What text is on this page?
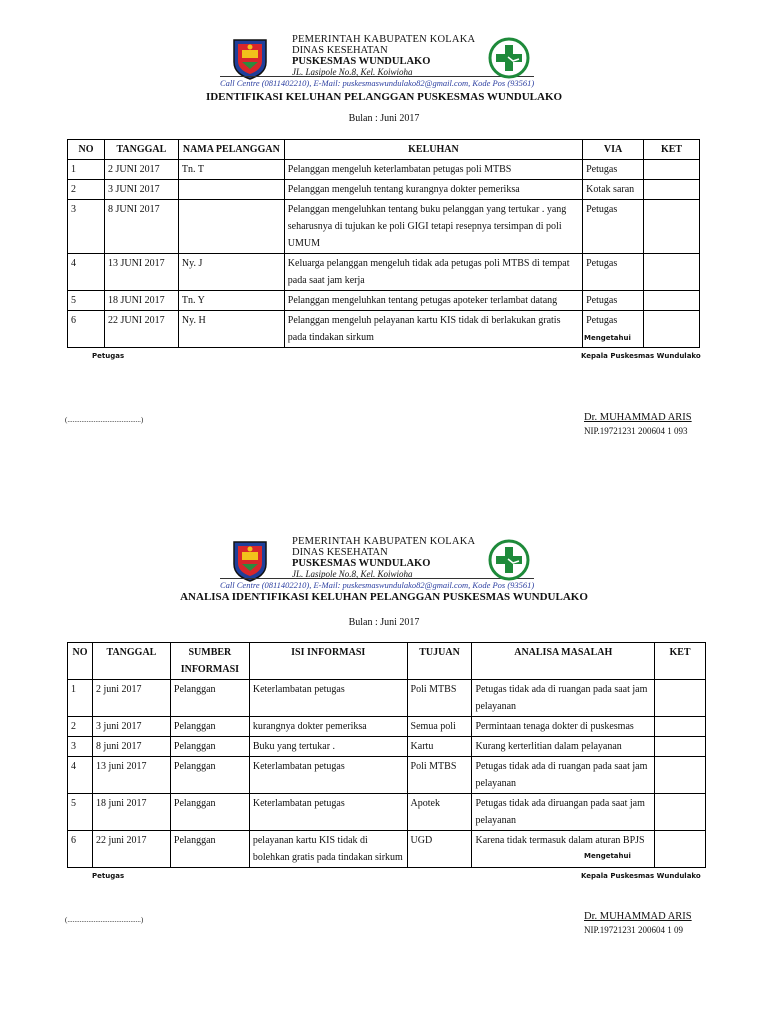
PEMERINTAH KABUPATEN KOLAKA
DINAS KESEHATAN
PUSKESMAS WUNDULAKO
JL. Lasipole No.8, Kel. Koiwioha
Call Centre (0811402210), E-Mail: puskesmaswundulako82@gmail.com, Kode Pos (93561)
IDENTIFIKASI KELUHAN PELANGGAN PUSKESMAS WUNDULAKO
Bulan : Juni 2017
NO	TANGGAL	NAMA PELANGGAN	KELUHAN	VIA	KET
1	2 JUNI 2017	Tn. T	Pelanggan mengeluh keterlambatan petugas poli MTBS	Petugas	
2	3 JUNI 2017		Pelanggan mengeluh tentang kurangnya dokter pemeriksa	Kotak saran	
3	8 JUNI 2017		Pelanggan mengeluhkan tentang buku pelanggan yang tertukar . yang seharusnya di tujukan ke poli GIGI tetapi resepnya tersimpan di poli UMUM	Petugas	
4	13 JUNI 2017	Ny. J	Keluarga pelanggan mengeluh tidak ada petugas poli MTBS di tempat pada saat jam kerja	Petugas	
5	18 JUNI 2017	Tn. Y	Pelanggan mengeluhkan tentang petugas apoteker terlambat datang	Petugas	
6	22 JUNI 2017	Ny. H	Pelanggan mengeluh pelayanan kartu KIS tidak di berlakukan gratis pada tindakan sirkum	Petugas	
Mengetahui
Petugas	Kepala Puskesmas Wundulako
(..........................................)	Dr. MUHAMMAD ARIS
NIP.19721231 200604 1 093
PEMERINTAH KABUPATEN KOLAKA
DINAS KESEHATAN
PUSKESMAS WUNDULAKO
JL. Lasipole No.8, Kel. Koiwioha
Call Centre (0811402210), E-Mail: puskesmaswundulako82@gmail.com, Kode Pos (93561)
ANALISA IDENTIFIKASI KELUHAN PELANGGAN PUSKESMAS WUNDULAKO
Bulan : Juni 2017
NO	TANGGAL	SUMBER INFORMASI	ISI INFORMASI	TUJUAN	ANALISA MASALAH	KET
1	2 juni 2017	Pelanggan	Keterlambatan petugas	Poli MTBS	Petugas tidak ada di ruangan pada saat jam pelayanan	
2	3 juni 2017	Pelanggan	kurangnya dokter pemeriksa	Semua poli	Permintaan tenaga dokter di puskesmas	
3	8 juni 2017	Pelanggan	Buku yang tertukar .	Kartu	Kurang kerterlitian dalam pelayanan	
4	13 juni 2017	Pelanggan	Keterlambatan petugas	Poli MTBS	Petugas tidak ada di ruangan pada saat jam pelayanan	
5	18 juni 2017	Pelanggan	Keterlambatan petugas	Apotek	Petugas tidak ada diruangan pada saat jam pelayanan	
6	22 juni 2017	Pelanggan	pelayanan kartu KIS tidak di bolehkan gratis pada tindakan sirkum	UGD	Karena tidak termasuk dalam aturan BPJS	
Mengetahui
Petugas	Kepala Puskesmas Wundulako
(..........................................)	Dr. MUHAMMAD ARIS
NIP.19721231 200604 1 09
